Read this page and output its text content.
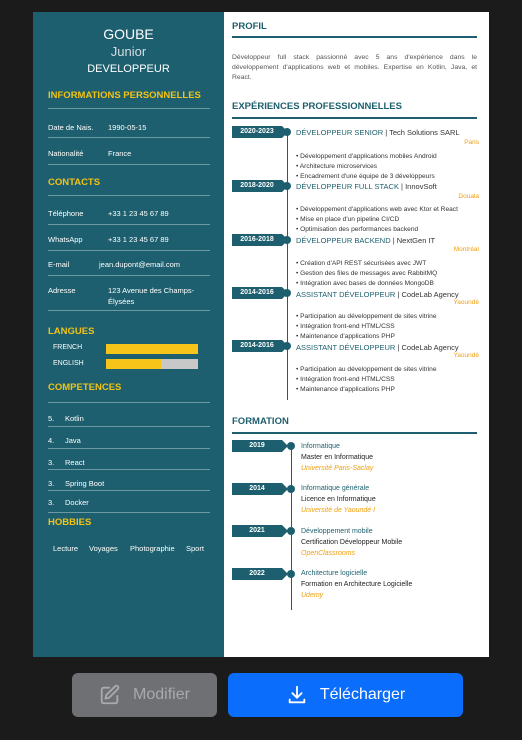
GOUBE
Junior
DEVELOPPEUR
INFORMATIONS PERSONNELLES
Date de Nais. 1990-05-15
Nationalité	France
CONTACTS
Téléphone	+33 1 23 45 67 89
WhatsApp	+33 1 23 45 67 89
E-mail	jean.dupont@email.com
Adresse	123 Avenue des Champs-Élysées
LANGUES
FRENCH
ENGLISH
COMPETENCES
5. Kotlin
4. Java
3. React
3. Spring Boot
3. Docker
HOBBIES
Lecture Voyages Photographie Sport
PROFIL
Développeur full stack passionné avec 5 ans d'expérience dans le développement d'applications web et mobiles. Expertise en Kotlin, Java, et React.
EXPÉRIENCES PROFESSIONNELLES
2020-2023	DÉVELOPPEUR SENIOR | Tech Solutions SARL
Paris
• Développement d'applications mobiles Android
• Architecture microservices
• Encadrement d'une équipe de 3 développeurs
2018-2020	DÉVELOPPEUR FULL STACK | InnovSoft
Douala
• Développement d'applications web avec Ktor et React
• Mise en place d'un pipeline CI/CD
• Optimisation des performances backend
2016-2018	DÉVELOPPEUR BACKEND | NextGen IT
Montréal
• Création d'API REST sécurisées avec JWT
• Gestion des files de messages avec RabbitMQ
• Intégration avec bases de données MongoDB
2014-2016	ASSISTANT DÉVELOPPEUR | CodeLab Agency
Yaoundé
• Participation au développement de sites vitrine
• Intégration front-end HTML/CSS
• Maintenance d'applications PHP
2014-2016	ASSISTANT DÉVELOPPEUR | CodeLab Agency
Yaoundé
• Participation au développement de sites vitrine
• Intégration front-end HTML/CSS
• Maintenance d'applications PHP
FORMATION
2019	Informatique
Master en Informatique
Université Paris-Saclay
2014	Informatique générale
Licence en Informatique
Université de Yaoundé I
2021	Développement mobile
Certification Développeur Mobile
OpenClassrooms
2022	Architecture logicielle
Formation en Architecture Logicielle
Udemy
Modifier	Télécharger
